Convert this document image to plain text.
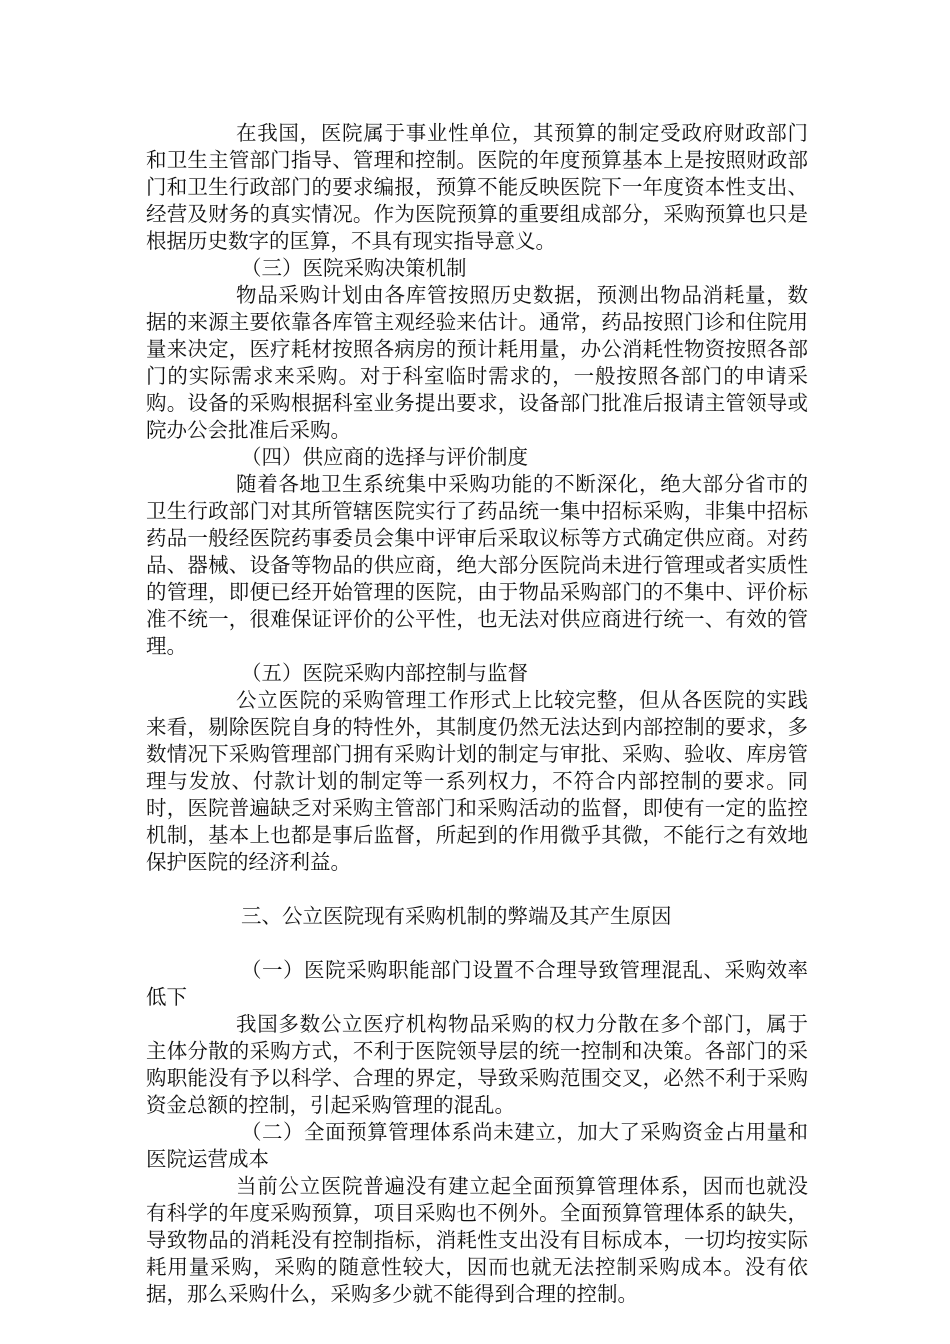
在我国，医院属于事业性单位，其预算的制定受政府财政部门和卫生主管部门指导、管理和控制。医院的年度预算基本上是按照财政部门和卫生行政部门的要求编报，预算不能反映医院下一年度资本性支出、经营及财务的真实情况。作为医院预算的重要组成部分，采购预算也只是根据历史数字的匡算，不具有现实指导意义。

（三）医院采购决策机制

物品采购计划由各库管按照历史数据，预测出物品消耗量，数据的来源主要依靠各库管主观经验来估计。通常，药品按照门诊和住院用量来决定，医疗耗材按照各病房的预计耗用量，办公消耗性物资按照各部门的实际需求来采购。对于科室临时需求的，一般按照各部门的申请采购。设备的采购根据科室业务提出要求，设备部门批准后报请主管领导或院办公会批准后采购。

（四）供应商的选择与评价制度

随着各地卫生系统集中采购功能的不断深化，绝大部分省市的卫生行政部门对其所管辖医院实行了药品统一集中招标采购，非集中招标药品一般经医院药事委员会集中评审后采取议标等方式确定供应商。对药品、器械、设备等物品的供应商，绝大部分医院尚未进行管理或者实质性的管理，即便已经开始管理的医院，由于物品采购部门的不集中、评价标准不统一，很难保证评价的公平性，也无法对供应商进行统一、有效的管理。

（五）医院采购内部控制与监督

公立医院的采购管理工作形式上比较完整，但从各医院的实践来看，剔除医院自身的特性外，其制度仍然无法达到内部控制的要求，多数情况下采购管理部门拥有采购计划的制定与审批、采购、验收、库房管理与发放、付款计划的制定等一系列权力，不符合内部控制的要求。同时，医院普遍缺乏对采购主管部门和采购活动的监督，即使有一定的监控机制，基本上也都是事后监督，所起到的作用微乎其微，不能行之有效地保护医院的经济利益。

三、公立医院现有采购机制的弊端及其产生原因

（一）医院采购职能部门设置不合理导致管理混乱、采购效率低下

我国多数公立医疗机构物品采购的权力分散在多个部门，属于主体分散的采购方式，不利于医院领导层的统一控制和决策。各部门的采购职能没有予以科学、合理的界定，导致采购范围交叉，必然不利于采购资金总额的控制，引起采购管理的混乱。

（二）全面预算管理体系尚未建立，加大了采购资金占用量和医院运营成本

当前公立医院普遍没有建立起全面预算管理体系，因而也就没有科学的年度采购预算，项目采购也不例外。全面预算管理体系的缺失，导致物品的消耗没有控制指标，消耗性支出没有目标成本，一切均按实际耗用量采购，采购的随意性较大，因而也就无法控制采购成本。没有依据，那么采购什么，采购多少就不能得到合理的控制。
